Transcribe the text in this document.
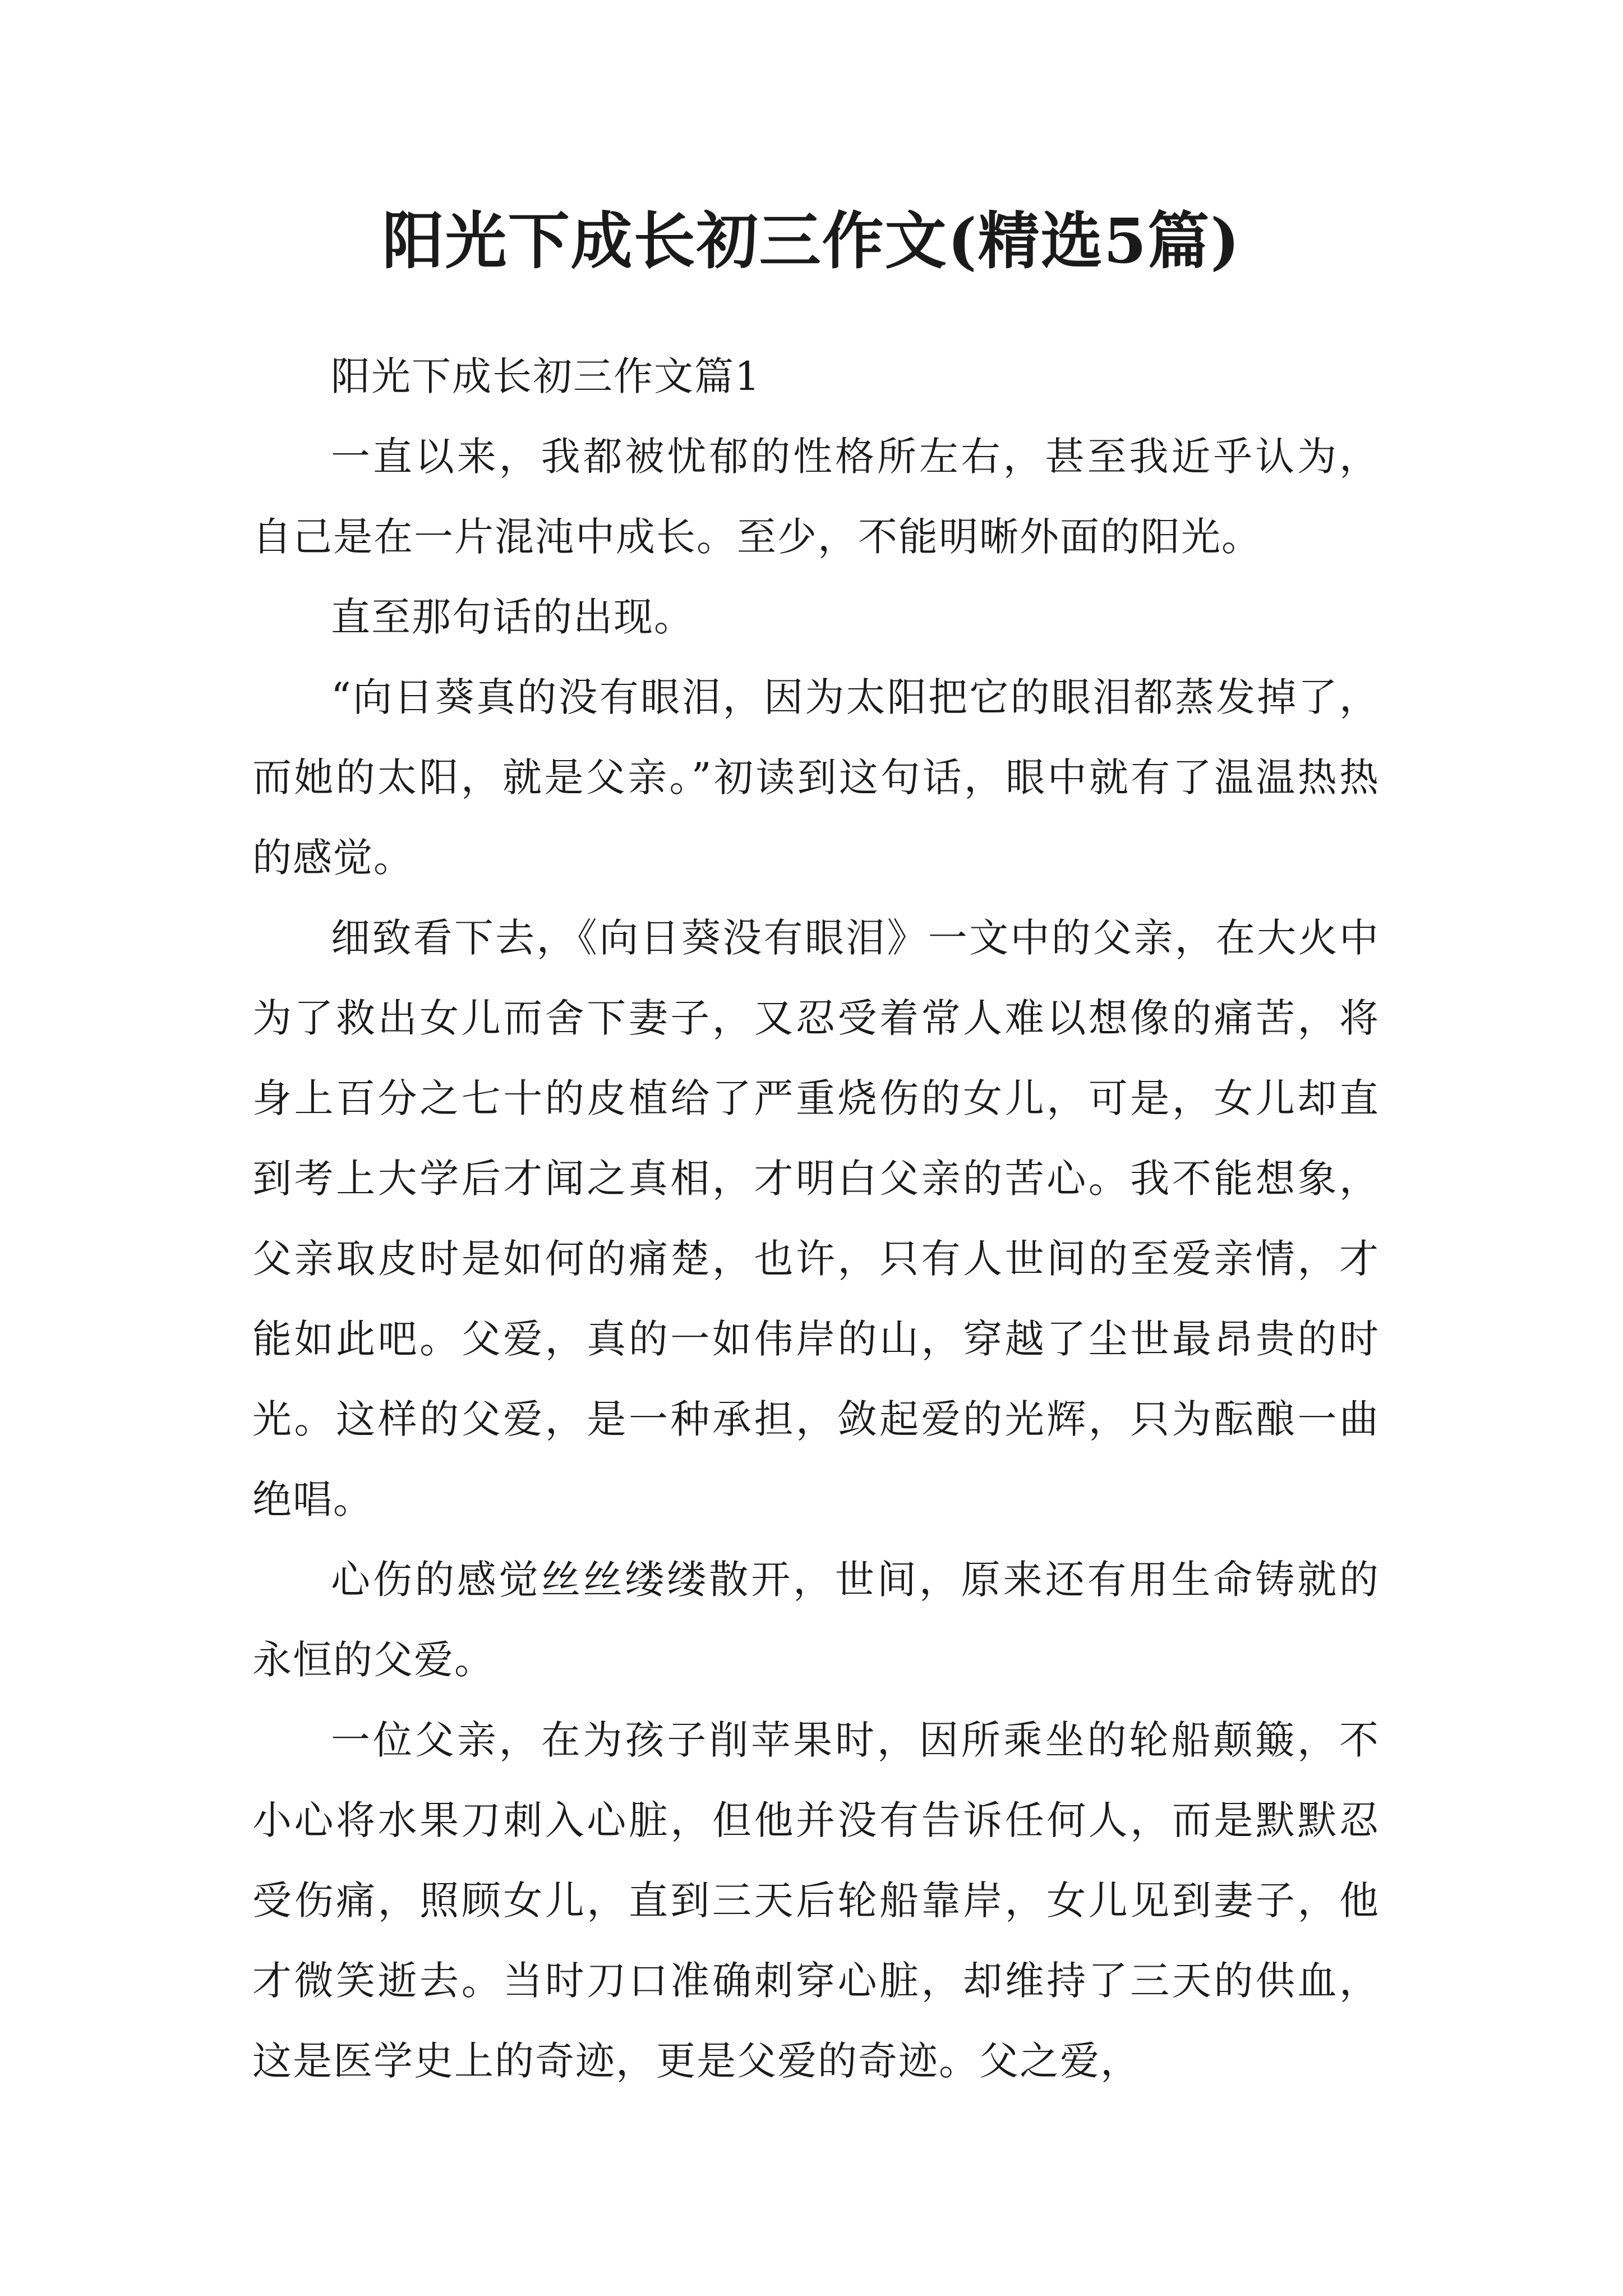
阳光下成长初三作文(精选5篇)

阳光下成长初三作文篇1

一直以来，我都被忧郁的性格所左右，甚至我近乎认为，自己是在一片混沌中成长。至少，不能明晰外面的阳光。

直至那句话的出现。

“向日葵真的没有眼泪，因为太阳把它的眼泪都蒸发掉了，而她的太阳，就是父亲。”初读到这句话，眼中就有了温温热热的感觉。

细致看下去，《向日葵没有眼泪》一文中的父亲，在大火中为了救出女儿而舍下妻子，又忍受着常人难以想像的痛苦，将身上百分之七十的皮植给了严重烧伤的女儿，可是，女儿却直到考上大学后才闻之真相，才明白父亲的苦心。我不能想象，父亲取皮时是如何的痛楚，也许，只有人世间的至爱亲情，才能如此吧。父爱，真的一如伟岸的山，穿越了尘世最昂贵的时光。这样的父爱，是一种承担，敛起爱的光辉，只为酝酿一曲绝唱。

心伤的感觉丝丝缕缕散开，世间，原来还有用生命铸就的永恒的父爱。

一位父亲，在为孩子削苹果时，因所乘坐的轮船颠簸，不小心将水果刀刺入心脏，但他并没有告诉任何人，而是默默忍受伤痛，照顾女儿，直到三天后轮船靠岸，女儿见到妻子，他才微笑逝去。当时刀口准确刺穿心脏，却维持了三天的供血，这是医学史上的奇迹，更是父爱的奇迹。父之爱，
